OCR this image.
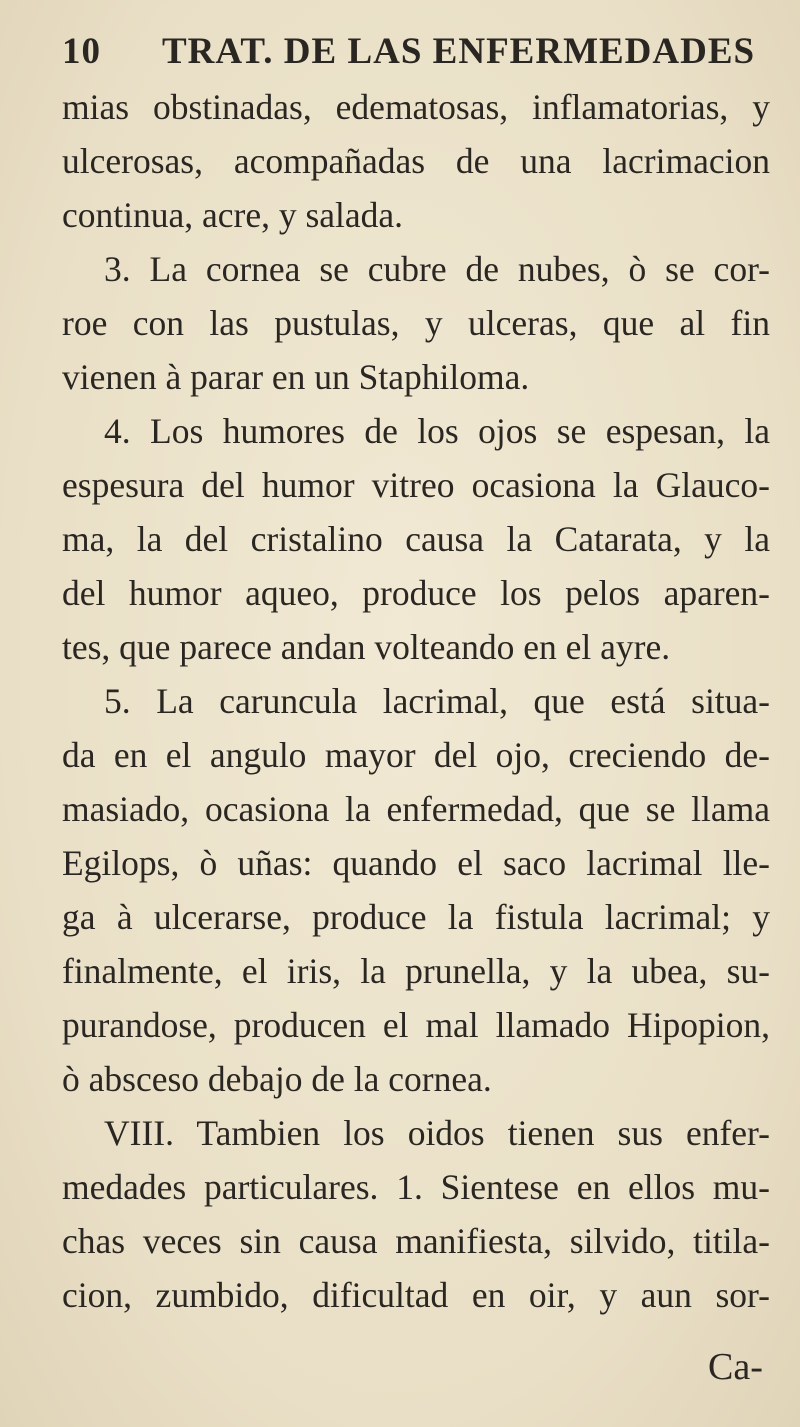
10 TRAT. DE LAS ENFERMEDADES
mias obstinadas, edematosas, inflamatorias, y
ulcerosas, acompañadas de una lacrimacion
continua, acre, y salada.
3. La cornea se cubre de nubes, ò se cor-
roe con las pustulas, y ulceras, que al fin
vienen à parar en un Staphiloma.
4. Los humores de los ojos se espesan, la
espesura del humor vitreo ocasiona la Glauco-
ma, la del cristalino causa la Catarata, y la
del humor aqueo, produce los pelos aparen-
tes, que parece andan volteando en el ayre.
5. La caruncula lacrimal, que está situa-
da en el angulo mayor del ojo, creciendo de-
masiado, ocasiona la enfermedad, que se llama
Egilops, ò uñas: quando el saco lacrimal lle-
ga à ulcerarse, produce la fistula lacrimal; y
finalmente, el iris, la prunella, y la ubea, su-
purandose, producen el mal llamado Hipopion,
ò absceso debajo de la cornea.
VIII. Tambien los oidos tienen sus enfer-
medades particulares. 1. Sientese en ellos mu-
chas veces sin causa manifiesta, silvido, titila-
cion, zumbido, dificultad en oir, y aun sor-
Ca-
